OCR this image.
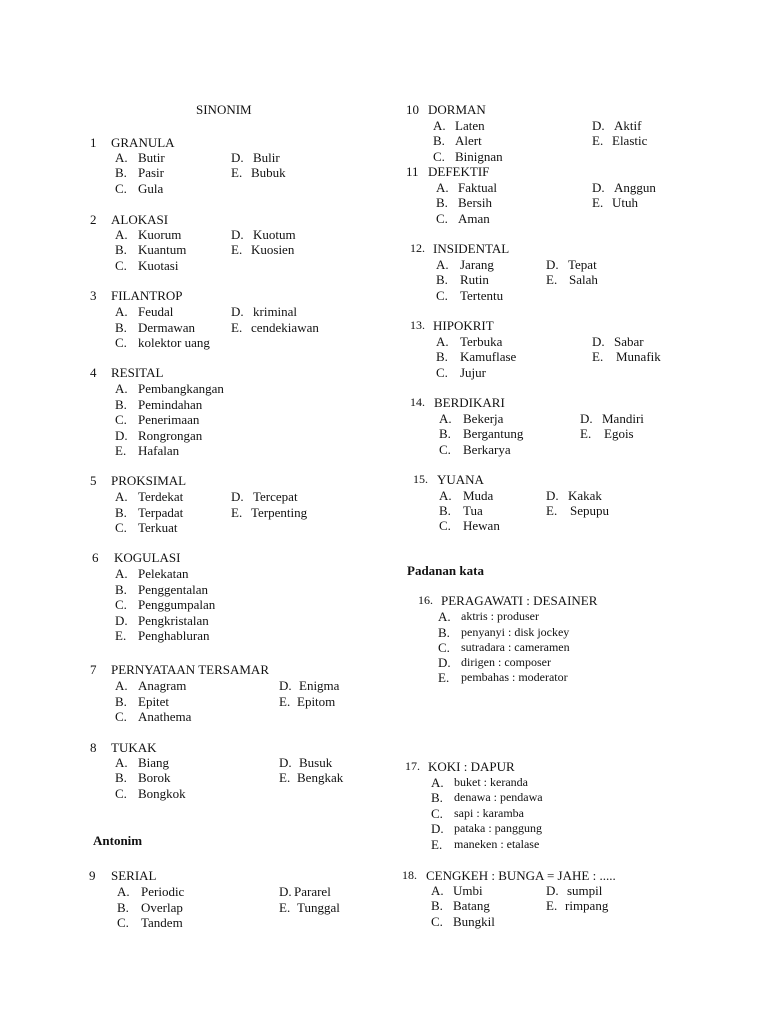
SINONIM
1 GRANULA
A. Butir	D. Bulir
B. Pasir	E. Bubuk
C. Gula
2 ALOKASI
A. Kuorum	D. Kuotum
B. Kuantum	E. Kuosien
C. Kuotasi
3 FILANTROP
A. Feudal	D. kriminal
B. Dermawan	E. cendekiawan
C. kolektor uang
4 RESITAL
A. Pembangkangan
B. Pemindahan
C. Penerimaan
D. Rongrongan
E. Hafalan
5 PROKSIMAL
A. Terdekat	D. Tercepat
B. Terpadat	E. Terpenting
C. Terkuat
6 KOGULASI
A. Pelekatan
B. Penggentalan
C. Penggumpalan
D. Pengkristalan
E. Penghabluran
7 PERNYATAAN TERSAMAR
A. Anagram	D. Enigma
B. Epitet	E. Epitom
C. Anathema
8 TUKAK
A. Biang	D. Busuk
B. Borok	E. Bengkak
C. Bongkok
Antonim
9 SERIAL
A. Periodic	D. Pararel
B. Overlap	E. Tunggal
C. Tandem
10 DORMAN
A. Laten	D. Aktif
B. Alert	E. Elastic
C. Binignan
11 DEFEKTIF
A. Faktual	D. Anggun
B. Bersih	E. Utuh
C. Aman
12. INSIDENTAL
A. Jarang	D. Tepat
B. Rutin	E. Salah
C. Tertentu
13. HIPOKRIT
A. Terbuka	D. Sabar
B. Kamuflase	E. Munafik
C. Jujur
14. BERDIKARI
A. Bekerja	D. Mandiri
B. Bergantung	E. Egois
C. Berkarya
15. YUANA
A. Muda	D. Kakak
B. Tua	E. Sepupu
C. Hewan
Padanan kata
16. PERAGAWATI : DESAINER
A. aktris : produser
B. penyanyi : disk jockey
C. sutradara : cameramen
D. dirigen : composer
E. pembahas : moderator
17. KOKI : DAPUR
A. buket : keranda
B. denawa : pendawa
C. sapi : karamba
D. pataka : panggung
E. maneken : etalase
18. CENGKEH : BUNGA = JAHE : .....
A. Umbi	D. sumpil
B. Batang	E. rimpang
C. Bungkil
